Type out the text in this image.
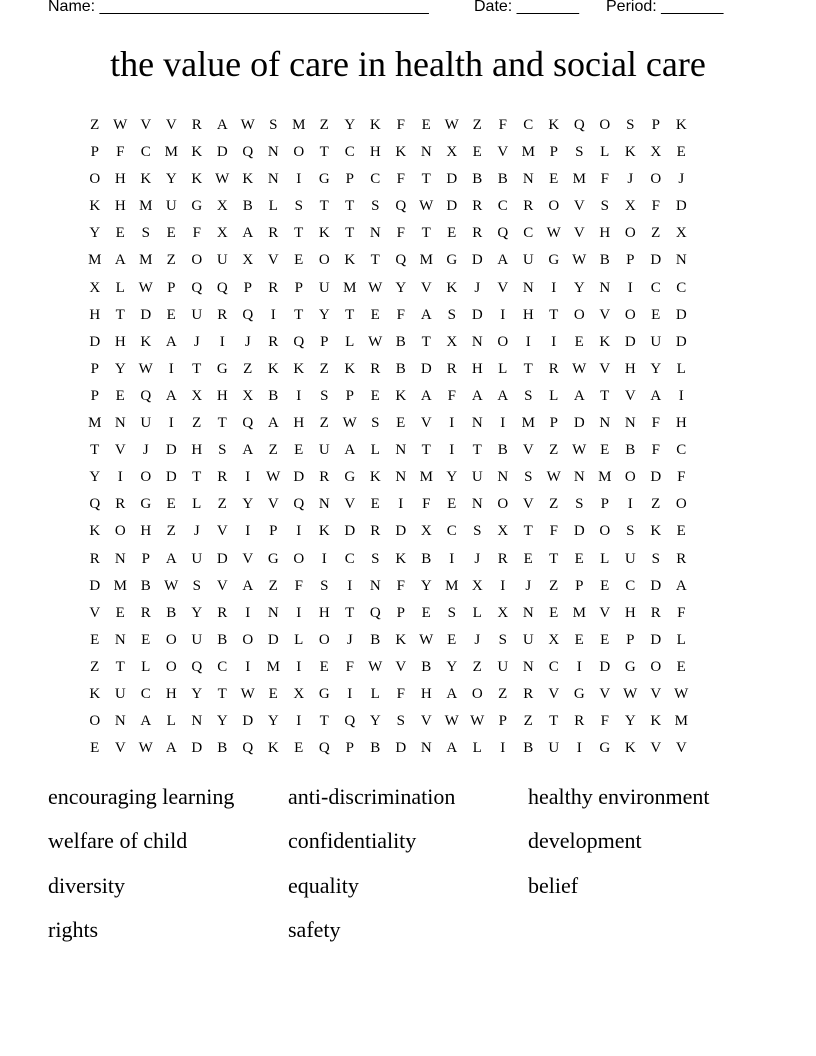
Name: _____________________________________	Date: _______ Period: _______
the value of care in health and social care
Z W V V	R	A W S M Z	Y K	F	E W Z	F	C	K Q O	S	P	K
P	F	C M K D Q N O	T	C	H K N X	E	V M P	S	L	K X	E
O H K Y K W K N	I	G	P	C	F	T	D	B	B	N	E M F	J	O	J
K H M U G X	B	L	S	T	T	S	Q W D	R	C	R	O V	S	X	F	D
Y	E	S	E	F	X A	R	T	K	T	N	F	T	E	R	Q	C W V H O	Z	X
M A M Z	O U X V	E	O K	T	Q M G D A U G W B	P	D N
X	L W P	Q Q	P	R	P	U M W Y V K	J	V N	I	Y N	I	C	C
H	T	D	E	U	R	Q	I	T	Y	T	E	F	A	S	D	I	H	T	O V O	E	D
D H K A	J	I	J	R	Q	P	L W B	T	X N O	I	I	E	K D U D
P	Y W	I	T	G	Z	K K	Z	K	R	B	D	R	H	L	T	R W V H Y	L
P	E	Q A X H X	B	I	S	P	E	K A	F	A A	S	L	A	T	V A	I
M N U	I	Z	T	Q A H	Z W S	E	V	I	N	I	M P	D N N	F	H
T	V	J	D H	S	A	Z	E	U A	L	N	T	I	T	B	V	Z W E	B	F	C
Y	I	O D	T	R	I	W D	R	G K N M Y U N	S W N M O D	F
Q	R	G	E	L	Z	Y V Q N V	E	I	F	E	N O V	Z	S	P	I	Z	O
K O H	Z	J	V	I	P	I	K D	R	D X	C	S	X	T	F	D O	S	K	E
R	N	P	A U D V G O	I	C	S	K	B	I	J	R	E	T	E	L	U	S	R
D M B W S	V A	Z	F	S	I	N	F	Y M X	I	J	Z	P	E	C	D A
V	E	R	B	Y	R	I	N	I	H	T	Q	P	E	S	L	X N	E M V H	R	F
E	N	E	O U	B	O D	L	O	J	B	K W E	J	S	U X	E	E	P	D	L
Z	T	L	O Q	C	I	M	I	E	F W V	B	Y	Z	U N	C	I	D G O	E
K U	C	H Y	T W E	X G	I	L	F	H A O	Z	R	V G V W V W
O N A	L	N Y D Y	I	T	Q Y	S	V W W P	Z	T	R	F	Y K M
E	V W A D	B	Q K	E	Q	P	B	D N A	L	I	B	U	I	G K V V
encouraging learning	anti-discrimination	healthy environment
welfare of child	confidentiality	development
diversity	equality	belief
rights	safety
